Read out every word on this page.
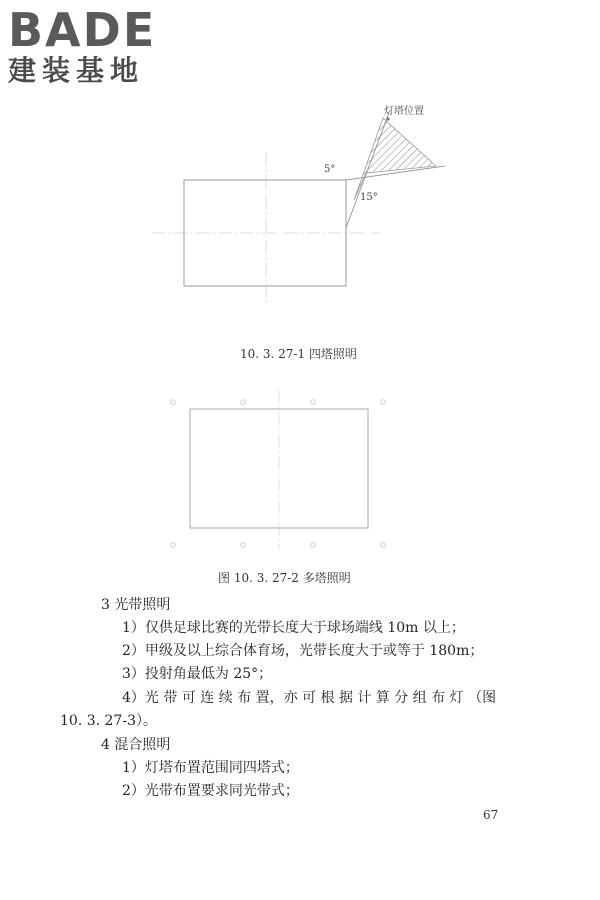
BADE
建装基地
灯塔位置
5°
15°
10. 3. 27-1 四塔照明
图 10. 3. 27-2 多塔照明
3 光带照明
1）仅供足球比赛的光带长度大于球场端线 10m 以上；
2）甲级及以上综合体育场，光带长度大于或等于 180m；
3）投射角最低为 25°；
4）光 带 可 连 续 布 置，亦 可 根 据 计 算 分 组 布 灯 （图
10. 3. 27-3）。
4 混合照明
1）灯塔布置范围同四塔式；
2）光带布置要求同光带式；
67
